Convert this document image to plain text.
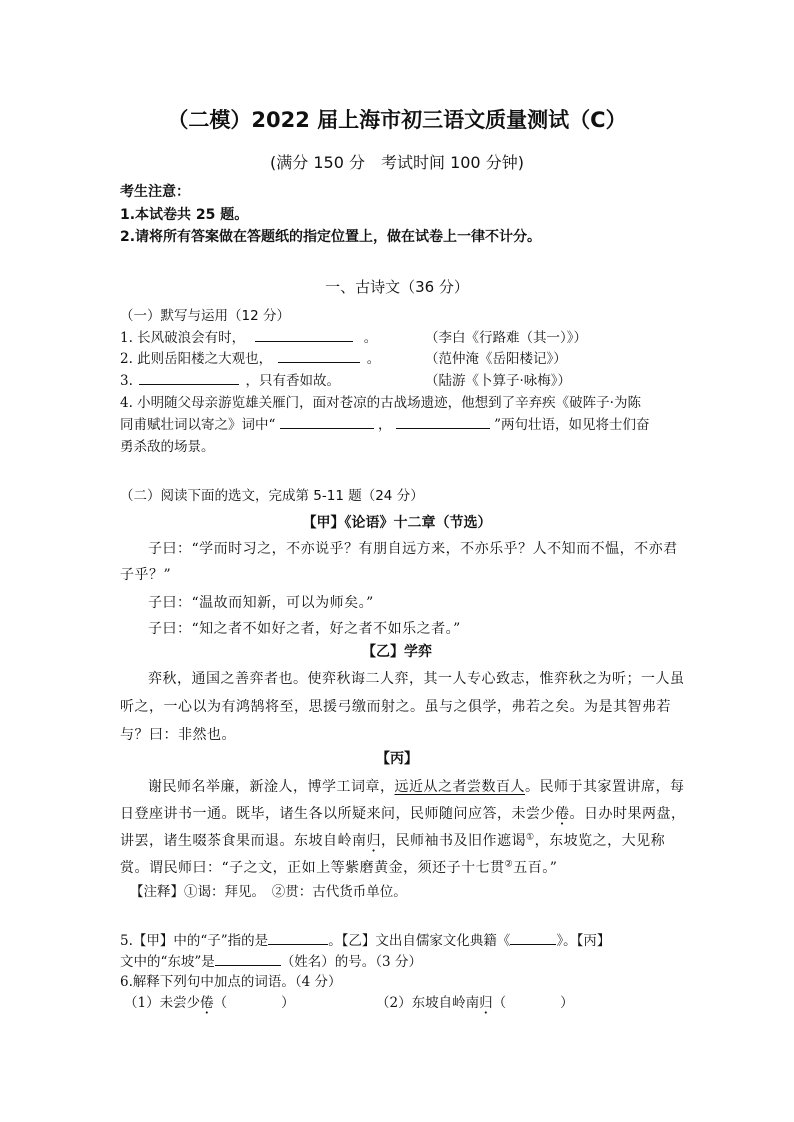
（二模）2022 届上海市初三语文质量测试（C）
(满分 150 分　考试时间 100 分钟)
考生注意：
1.本试卷共 25 题。
2.请将所有答案做在答题纸的指定位置上，做在试卷上一律不计分。
一、古诗文（36 分）
（一）默写与运用（12 分）
1. 长风破浪会有时，	。	（李白《行路难（其一）》）
2. 此则岳阳楼之大观也，	。	（范仲淹《岳阳楼记》）
3.	，只有香如故。	（陆游《卜算子·咏梅》）
4. 小明随父母亲游览雄关雁门，面对苍凉的古战场遗迹，他想到了辛弃疾《破阵子·为陈
同甫赋壮词以寄之》词中“	，	”两句壮语，如见将士们奋
勇杀敌的场景。
（二）阅读下面的选文，完成第 5-11 题（24 分）
【甲】《论语》十二章（节选）
子曰：“学而时习之，不亦说乎？有朋自远方来，不亦乐乎？人不知而不愠，不亦君
子乎？”
子曰：“温故而知新，可以为师矣。”
子曰：“知之者不如好之者，好之者不如乐之者。”
【乙】学弈
弈秋，通国之善弈者也。使弈秋诲二人弈，其一人专心致志，惟弈秋之为听；一人虽
听之，一心以为有鸿鹄将至，思援弓缴而射之。虽与之俱学，弗若之矣。为是其智弗若
与？曰：非然也。
【丙】
谢民师名举廉，新淦人，博学工词章，远近从之者尝数百人。民师于其家置讲席，每
日登座讲书一通。既毕，诸生各以所疑来问，民师随问应答，未尝少倦。日办时果两盘，
讲罢，诸生啜茶食果而退。东坡自岭南归，民师袖书及旧作遮谒①，东坡览之，大见称
赏。谓民师曰：“子之文，正如上等紫磨黄金，须还子十七贯②五百。”
【注释】①谒：拜见。　②贯：古代货币单位。
5.【甲】中的“子”指的是	。【乙】文出自儒家文化典籍《	》。【丙】
文中的“东坡”是	（姓名）的号。（3 分）
6.解释下列句中加点的词语。（4 分）
（1）未尝少倦（　　　　）	（2）东坡自岭南归（　　　　）
